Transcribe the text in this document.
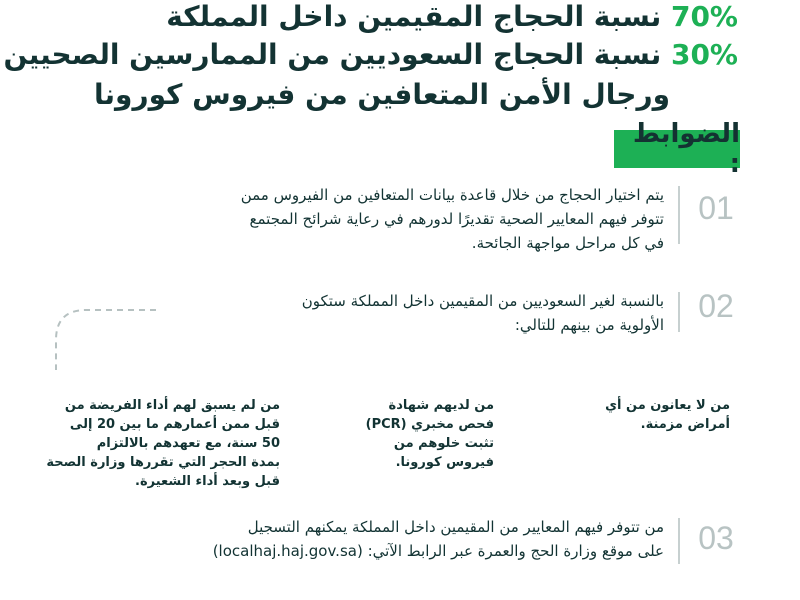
70% نسبة الحجاج المقيمين داخل المملكة
30% نسبة الحجاج السعوديين من الممارسين الصحيين
ورجال الأمن المتعافين من فيروس كورونا
الضوابط :
01
يتم اختيار الحجاج من خلال قاعدة بيانات المتعافين من الفيروس ممن
تتوفر فيهم المعايير الصحية تقديرًا لدورهم في رعاية شرائح المجتمع
في كل مراحل مواجهة الجائحة.
02
بالنسبة لغير السعوديين من المقيمين داخل المملكة ستكون
الأولوية من بينهم للتالي:
من لا يعانون من أي
أمراض مزمنة.
من لديهم شهادة
فحص مخبري (PCR)
تثبت خلوهم من
فيروس كورونا.
من لم يسبق لهم أداء الفريضة من
قبل ممن أعمارهم ما بين 20 إلى
50 سنة، مع تعهدهم بالالتزام
بمدة الحجر التي تقررها وزارة الصحة
قبل وبعد أداء الشعيرة.
03
من تتوفر فيهم المعايير من المقيمين داخل المملكة يمكنهم التسجيل
على موقع وزارة الحج والعمرة عبر الرابط الآتي: (localhaj.haj.gov.sa)
